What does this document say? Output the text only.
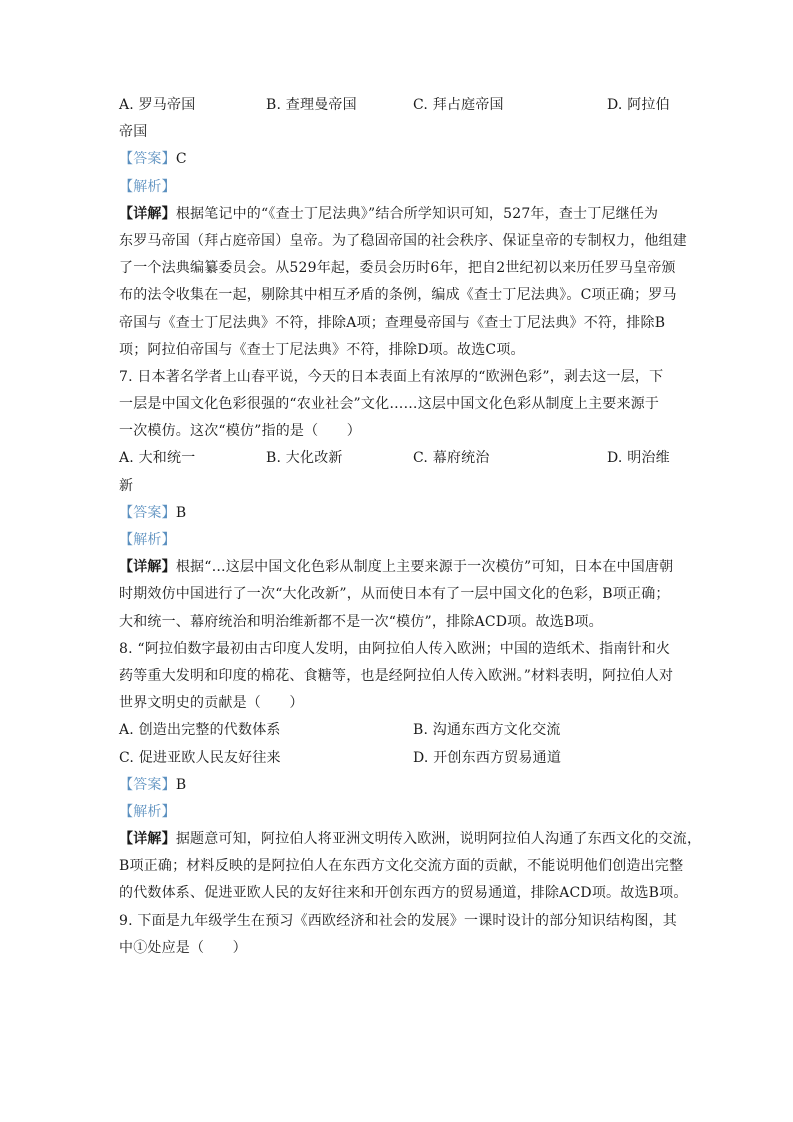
A. 罗马帝国	B. 查理曼帝国	C. 拜占庭帝国	D. 阿拉伯
帝国
【答案】C
【解析】
【详解】根据笔记中的“《查士丁尼法典》”结合所学知识可知，527年，查士丁尼继任为
东罗马帝国（拜占庭帝国）皇帝。为了稳固帝国的社会秩序、保证皇帝的专制权力，他组建
了一个法典编纂委员会。从529年起，委员会历时6年，把自2世纪初以来历任罗马皇帝颁
布的法令收集在一起，剔除其中相互矛盾的条例，编成《查士丁尼法典》。C项正确；罗马
帝国与《查士丁尼法典》不符，排除A项；查理曼帝国与《查士丁尼法典》不符，排除B
项；阿拉伯帝国与《查士丁尼法典》不符，排除D项。故选C项。
7. 日本著名学者上山春平说，今天的日本表面上有浓厚的“欧洲色彩”，剥去这一层，下
一层是中国文化色彩很强的“农业社会”文化……这层中国文化色彩从制度上主要来源于
一次模仿。这次“模仿”指的是（　　）
A. 大和统一	B. 大化改新	C. 幕府统治	D. 明治维
新
【答案】B
【解析】
【详解】根据“…这层中国文化色彩从制度上主要来源于一次模仿”可知，日本在中国唐朝
时期效仿中国进行了一次“大化改新”，从而使日本有了一层中国文化的色彩，B项正确；
大和统一、幕府统治和明治维新都不是一次“模仿”，排除ACD项。故选B项。
8. “阿拉伯数字最初由古印度人发明，由阿拉伯人传入欧洲；中国的造纸术、指南针和火
药等重大发明和印度的棉花、食糖等，也是经阿拉伯人传入欧洲。”材料表明，阿拉伯人对
世界文明史的贡献是（　　）
A. 创造出完整的代数体系	B. 沟通东西方文化交流
C. 促进亚欧人民友好往来	D. 开创东西方贸易通道
【答案】B
【解析】
【详解】据题意可知，阿拉伯人将亚洲文明传入欧洲，说明阿拉伯人沟通了东西文化的交流，
B项正确；材料反映的是阿拉伯人在东西方文化交流方面的贡献，不能说明他们创造出完整
的代数体系、促进亚欧人民的友好往来和开创东西方的贸易通道，排除ACD项。故选B项。
9. 下面是九年级学生在预习《西欧经济和社会的发展》一课时设计的部分知识结构图，其
中①处应是（　　）
